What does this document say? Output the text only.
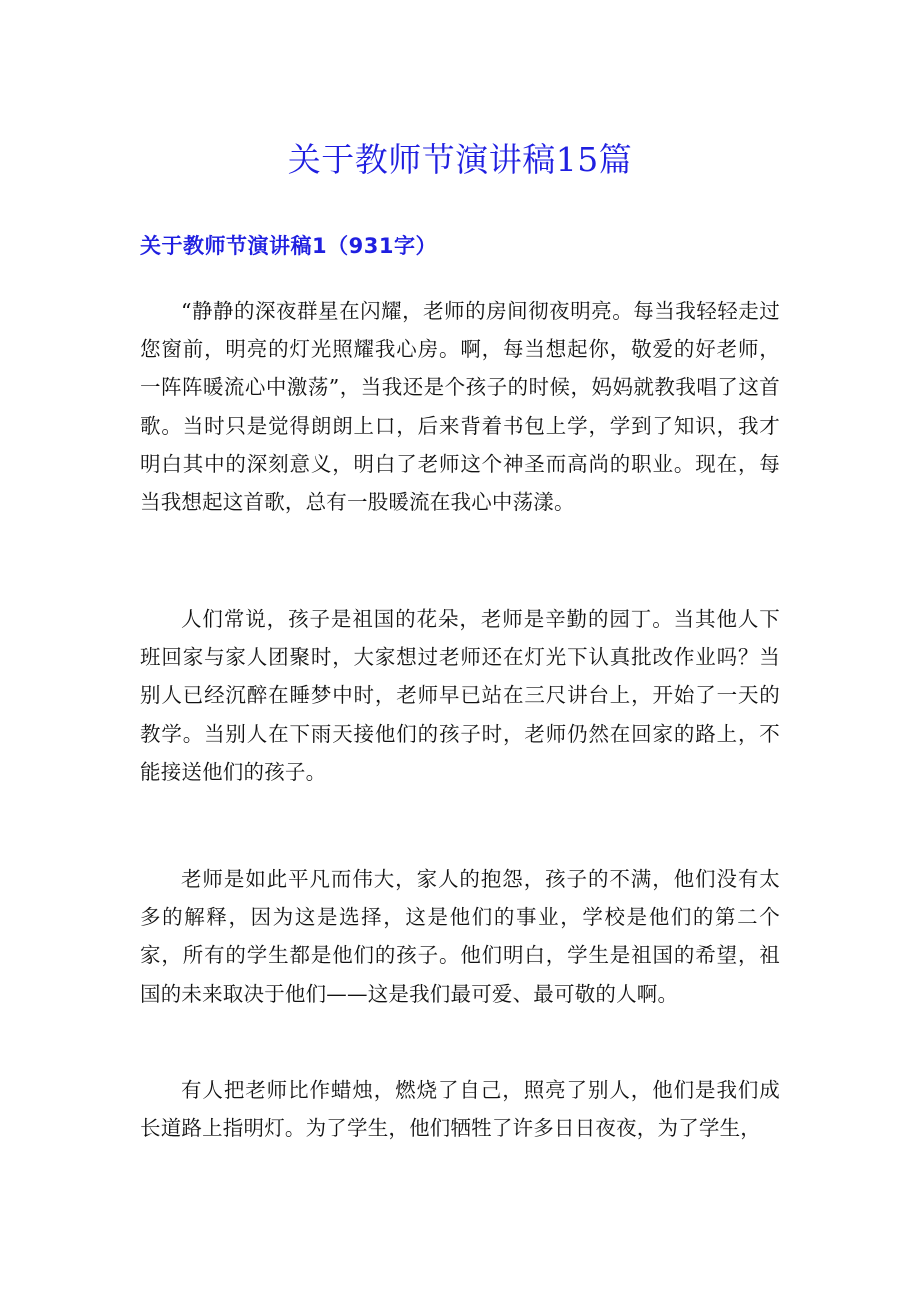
关于教师节演讲稿15篇
关于教师节演讲稿1（931字）

“静静的深夜群星在闪耀，老师的房间彻夜明亮。每当我轻轻走过您窗前，明亮的灯光照耀我心房。啊，每当想起你，敬爱的好老师，一阵阵暖流心中激荡”，当我还是个孩子的时候，妈妈就教我唱了这首歌。当时只是觉得朗朗上口，后来背着书包上学，学到了知识，我才明白其中的深刻意义，明白了老师这个神圣而高尚的职业。现在，每当我想起这首歌，总有一股暖流在我心中荡漾。

人们常说，孩子是祖国的花朵，老师是辛勤的园丁。当其他人下班回家与家人团聚时，大家想过老师还在灯光下认真批改作业吗？当别人已经沉醉在睡梦中时，老师早已站在三尺讲台上，开始了一天的教学。当别人在下雨天接他们的孩子时，老师仍然在回家的路上，不能接送他们的孩子。

老师是如此平凡而伟大，家人的抱怨，孩子的不满，他们没有太多的解释，因为这是选择，这是他们的事业，学校是他们的第二个家，所有的学生都是他们的孩子。他们明白，学生是祖国的希望，祖国的未来取决于他们——这是我们最可爱、最可敬的人啊。

有人把老师比作蜡烛，燃烧了自己，照亮了别人，他们是我们成长道路上指明灯。为了学生，他们牺牲了许多日日夜夜，为了学生，
